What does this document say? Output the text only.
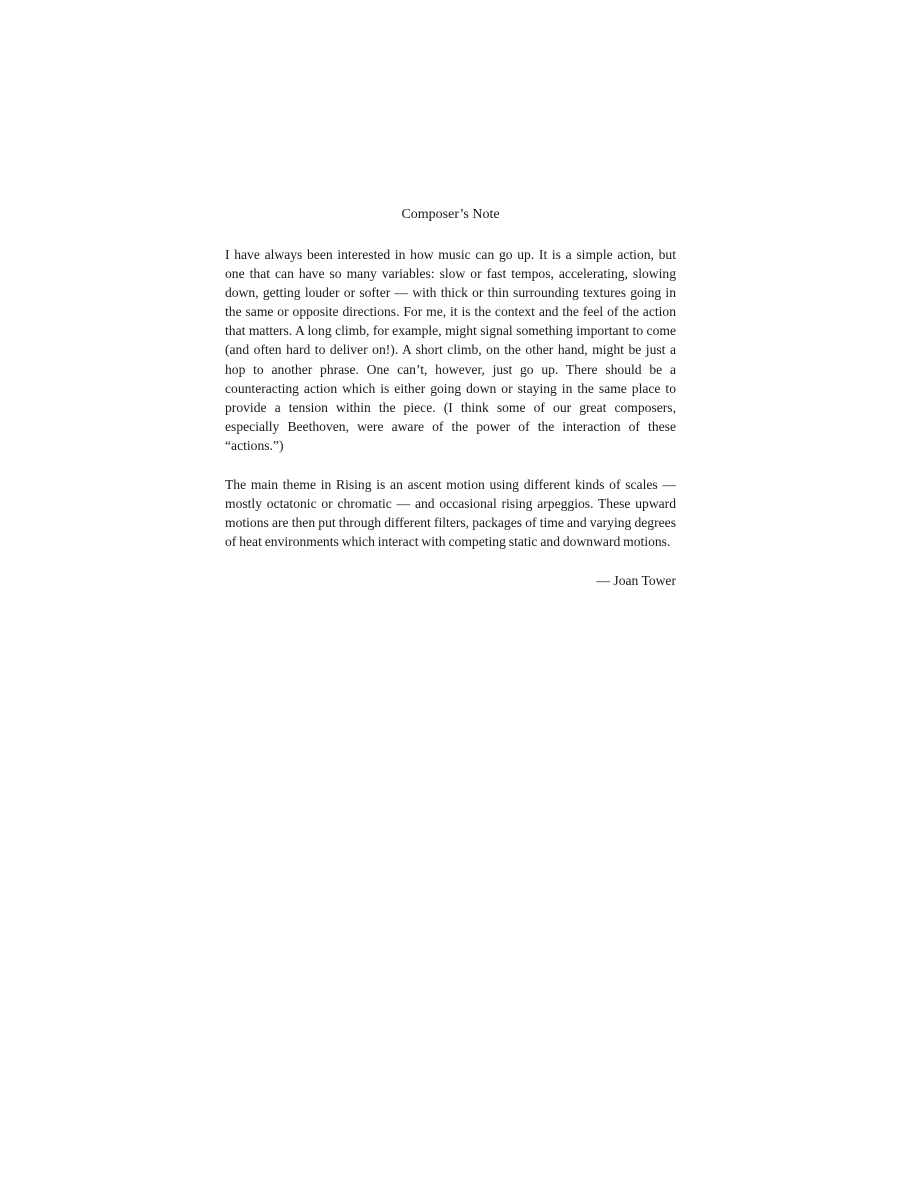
Composer’s Note

I have always been interested in how music can go up. It is a simple action, but one that can have so many variables: slow or fast tempos, accelerating, slowing down, getting louder or softer — with thick or thin surrounding textures going in the same or opposite directions. For me, it is the context and the feel of the action that matters. A long climb, for example, might signal something important to come (and often hard to deliver on!). A short climb, on the other hand, might be just a hop to another phrase. One can’t, however, just go up. There should be a counteracting action which is either going down or staying in the same place to provide a tension within the piece. (I think some of our great composers, especially Beethoven, were aware of the power of the interaction of these “actions.”)

The main theme in Rising is an ascent motion using different kinds of scales — mostly octatonic or chromatic — and occasional rising arpeggios. These upward motions are then put through different filters, packages of time and varying degrees of heat environments which interact with competing static and downward motions.

— Joan Tower
